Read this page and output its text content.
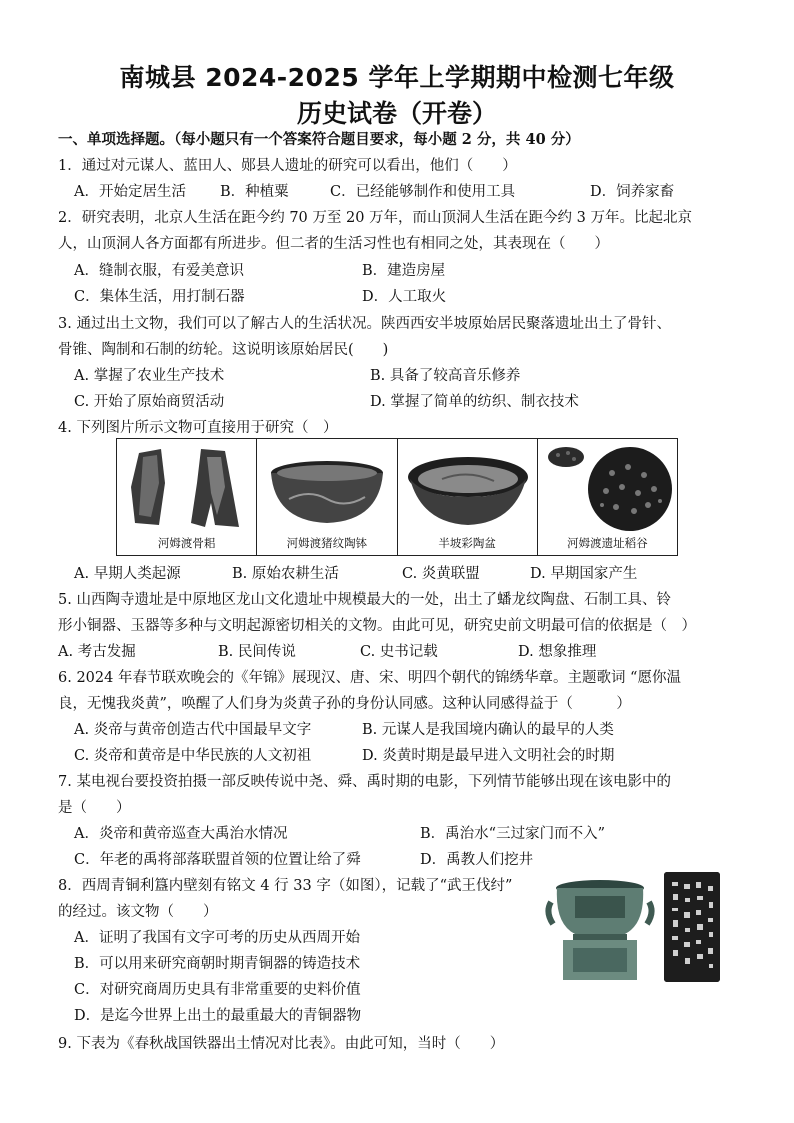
南城县 2024-2025 学年上学期期中检测七年级
历史试卷（开卷）
一、单项选择题。（每小题只有一个答案符合题目要求，每小题 2 分，共 40 分）
1．通过对元谋人、蓝田人、郧县人遗址的研究可以看出，他们（　　）
A．开始定居生活 B．种植粟	C．已经能够制作和使用工具	D．饲养家畜
2．研究表明，北京人生活在距今约 70 万至 20 万年，而山顶洞人生活在距今约 3 万年。比起北京
人，山顶洞人各方面都有所进步。但二者的生活习性也有相同之处，其表现在（　　）
A．缝制衣服，有爱美意识	B．建造房屋
C．集体生活，用打制石器	D．人工取火
3. 通过出土文物，我们可以了解古人的生活状况。陕西西安半坡原始居民聚落遗址出土了骨针、
骨锥、陶制和石制的纺轮。这说明该原始居民(　　)
A. 掌握了农业生产技术	B. 具备了较高音乐修养
C. 开始了原始商贸活动	D. 掌握了简单的纺织、制衣技术
4. 下列图片所示文物可直接用于研究（　）
河姆渡骨耜	河姆渡猪纹陶钵	半坡彩陶盆	河姆渡遗址稻谷
A. 早期人类起源	B. 原始农耕生活	C. 炎黄联盟	D. 早期国家产生
5. 山西陶寺遗址是中原地区龙山文化遗址中规模最大的一处，出土了蟠龙纹陶盘、石制工具、铃
形小铜器、玉器等多种与文明起源密切相关的文物。由此可见，研究史前文明最可信的依据是（　）
A. 考古发掘	B. 民间传说	C. 史书记载	D. 想象推理
6. 2024 年春节联欢晚会的《年锦》展现汉、唐、宋、明四个朝代的锦绣华章。主题歌词 “愿你温
良，无愧我炎黄”，唤醒了人们身为炎黄子孙的身份认同感。这种认同感得益于（　　　）
A. 炎帝与黄帝创造古代中国最早文字	B. 元谋人是我国境内确认的最早的人类
C. 炎帝和黄帝是中华民族的人文初祖	D. 炎黄时期是最早进入文明社会的时期
7. 某电视台要投资拍摄一部反映传说中尧、舜、禹时期的电影，下列情节能够出现在该电影中的
是（　　）
A．炎帝和黄帝巡查大禹治水情况	B．禹治水“三过家门而不入”
C．年老的禹将部落联盟首领的位置让给了舜	D．禹教人们挖井
8．西周青铜利簋内壁刻有铭文 4 行 33 字（如图），记载了“武王伐纣”
的经过。该文物（　　）
A．证明了我国有文字可考的历史从西周开始
B．可以用来研究商朝时期青铜器的铸造技术
C．对研究商周历史具有非常重要的史料价值
D．是迄今世界上出土的最重最大的青铜器物
9. 下表为《春秋战国铁器出土情况对比表》。由此可知，当时（　　）
